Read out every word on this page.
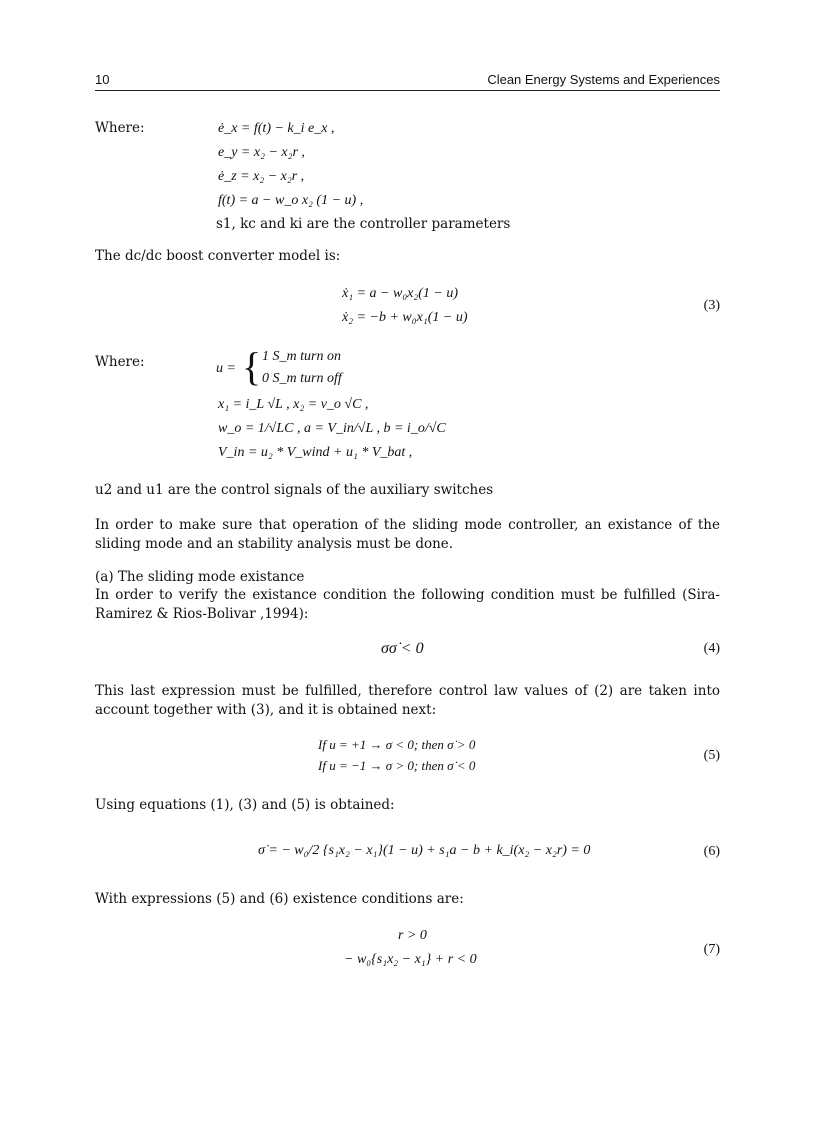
10	Clean Energy Systems and Experiences
Where:	ė_x = f(t) − k_i e_x ,
e_y = x₂ − x₂r ,
ė_z = x₂ − x₂r ,
f(t) = a − w_o x₂ (1 − u) ,
s1, kc and ki are the controller parameters
The dc/dc boost converter model is:
ẋ₁ = a − w₀x₂(1 − u)
ẋ₂ = −b + w₀x₁(1 − u)
(3)
Where:	u = { 1 S_m turn on
0 S_m turn off
x₁ = i_L √L , x₂ = v_o √C ,
w_o = 1/√LC , a = V_in/√L , b = i_o/√C
V_in = u₂ * V_wind + u₁ * V_bat ,
u2 and u1 are the control signals of the auxiliary switches
In order to make sure that operation of the sliding mode controller, an existance of the sliding mode and an stability analysis must be done.
(a) The sliding mode existance
In order to verify the existance condition the following condition must be fulfilled (Sira-Ramirez & Rios-Bolivar ,1994):
σσ̇ < 0	(4)
This last expression must be fulfilled, therefore control law values of (2) are taken into account together with (3), and it is obtained next:
If u = +1 → σ < 0; then σ̇ > 0
If u = −1 → σ > 0; then σ̇ < 0
(5)
Using equations (1), (3) and (5) is obtained:
σ̇ = − w₀/2 {s₁x₂ − x₁}(1 − u) + s₁a − b + k_i(x₂ − x₂r) = 0	(6)
With expressions (5) and (6) existence conditions are:
r > 0
− w₀{s₁x₂ − x₁} + r < 0
(7)
